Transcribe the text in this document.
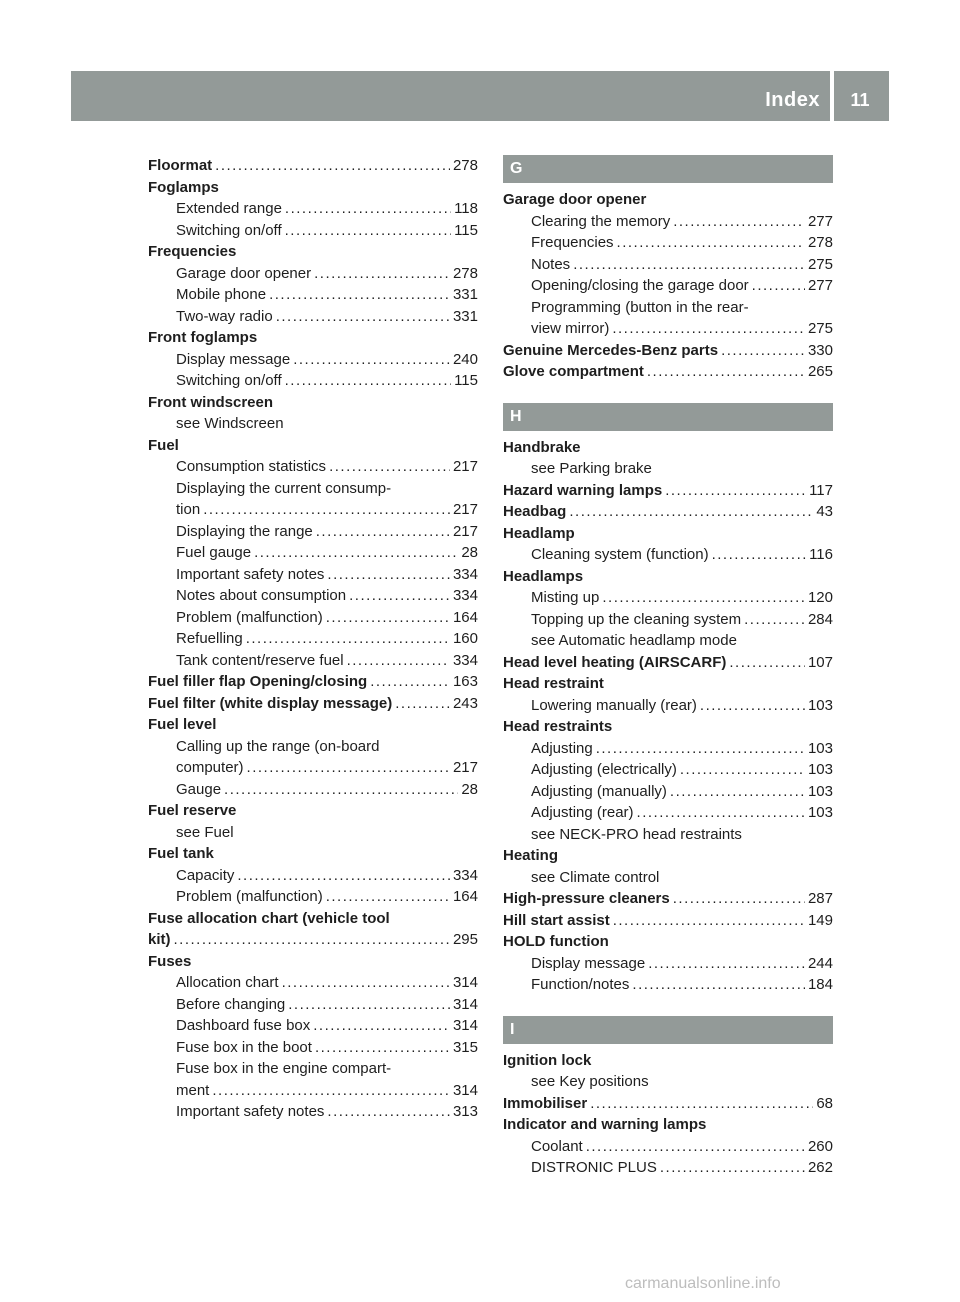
Index	11
Floormat .....	278
Foglamps
Extended range .....	118
Switching on/off .....	115
Frequencies
Garage door opener .....	278
Mobile phone .....	331
Two-way radio .....	331
Front foglamps
Display message .....	240
Switching on/off .....	115
Front windscreen
see Windscreen
Fuel
Consumption statistics .....	217
Displaying the current consump-
tion .....	217
Displaying the range .....	217
Fuel gauge .....	28
Important safety notes .....	334
Notes about consumption .....	334
Problem (malfunction) .....	164
Refuelling .....	160
Tank content/reserve fuel .....	334
Fuel filler flap Opening/closing .....	163
Fuel filter (white display message) .....	243
Fuel level
Calling up the range (on-board
computer) .....	217
Gauge .....	28
Fuel reserve
see Fuel
Fuel tank
Capacity .....	334
Problem (malfunction) .....	164
Fuse allocation chart (vehicle tool
kit) .....	295
Fuses
Allocation chart .....	314
Before changing .....	314
Dashboard fuse box .....	314
Fuse box in the boot .....	315
Fuse box in the engine compart-
ment .....	314
Important safety notes .....	313
G
Garage door opener
Clearing the memory .....	277
Frequencies .....	278
Notes .....	275
Opening/closing the garage door .....	277
Programming (button in the rear-
view mirror) .....	275
Genuine Mercedes-Benz parts .....	330
Glove compartment .....	265
H
Handbrake
see Parking brake
Hazard warning lamps .....	117
Headbag .....	43
Headlamp
Cleaning system (function) .....	116
Headlamps
Misting up .....	120
Topping up the cleaning system .....	284
see Automatic headlamp mode
Head level heating (AIRSCARF) .....	107
Head restraint
Lowering manually (rear) .....	103
Head restraints
Adjusting .....	103
Adjusting (electrically) .....	103
Adjusting (manually) .....	103
Adjusting (rear) .....	103
see NECK-PRO head restraints
Heating
see Climate control
High-pressure cleaners .....	287
Hill start assist .....	149
HOLD function
Display message .....	244
Function/notes .....	184
I
Ignition lock
see Key positions
Immobiliser .....	68
Indicator and warning lamps
Coolant .....	260
DISTRONIC PLUS .....	262
carmanualsonline.info
